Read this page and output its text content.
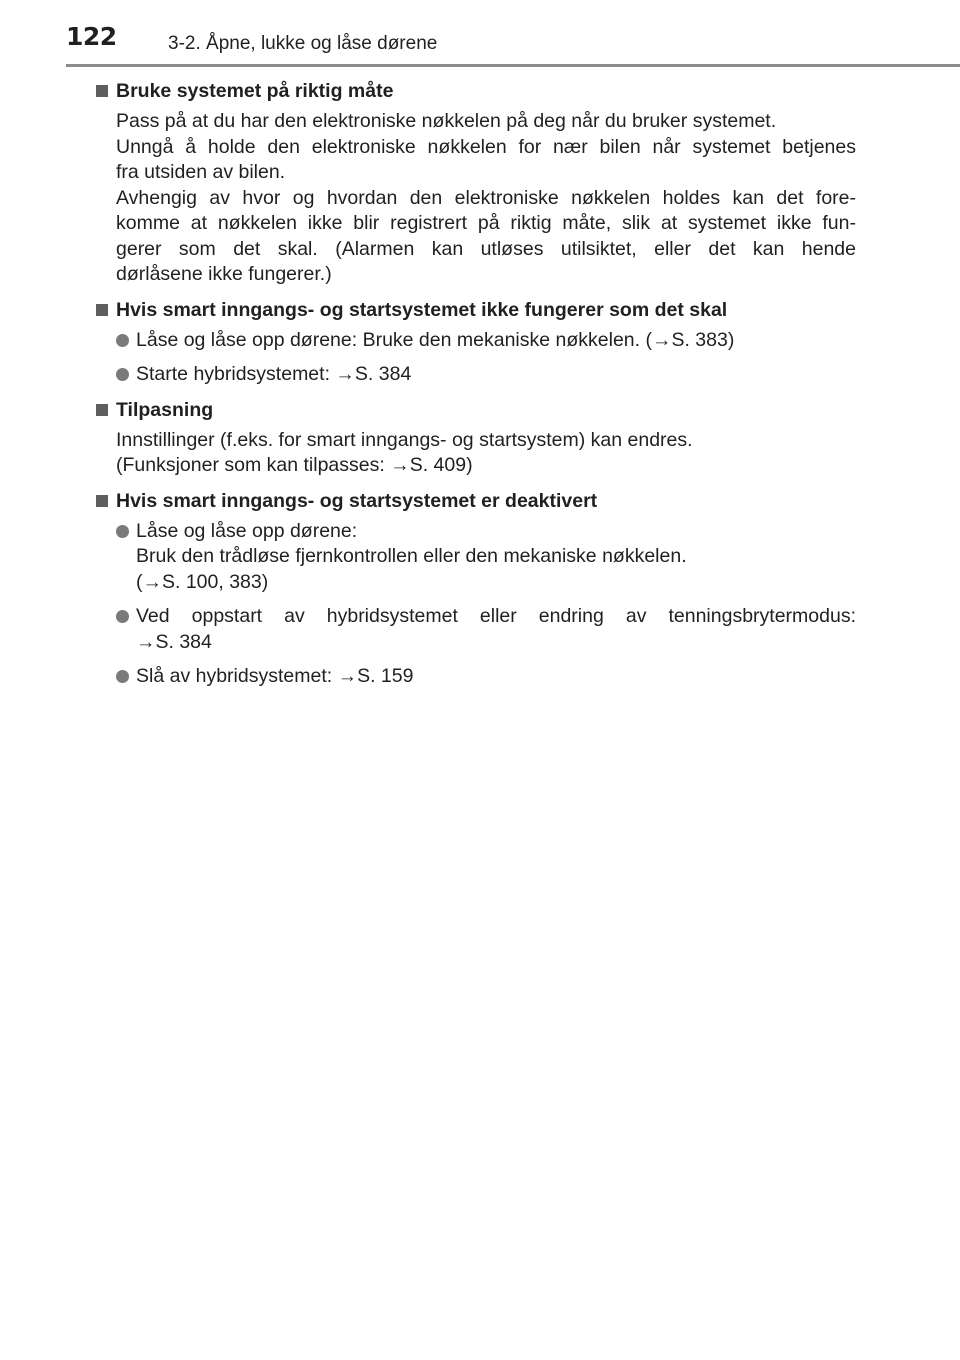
122	3-2. Åpne, lukke og låse dørene
Bruke systemet på riktig måte
Pass på at du har den elektroniske nøkkelen på deg når du bruker systemet.
Unngå å holde den elektroniske nøkkelen for nær bilen når systemet betjenes
fra utsiden av bilen.
Avhengig av hvor og hvordan den elektroniske nøkkelen holdes kan det fore-
komme at nøkkelen ikke blir registrert på riktig måte, slik at systemet ikke fun-
gerer som det skal. (Alarmen kan utløses utilsiktet, eller det kan hende
dørlåsene ikke fungerer.)
Hvis smart inngangs- og startsystemet ikke fungerer som det skal
Låse og låse opp dørene: Bruke den mekaniske nøkkelen. (→S. 383)
Starte hybridsystemet: →S. 384
Tilpasning
Innstillinger (f.eks. for smart inngangs- og startsystem) kan endres.
(Funksjoner som kan tilpasses: →S. 409)
Hvis smart inngangs- og startsystemet er deaktivert
Låse og låse opp dørene:
Bruk den trådløse fjernkontrollen eller den mekaniske nøkkelen.
(→S. 100, 383)
Ved oppstart av hybridsystemet eller endring av tenningsbrytermodus:
→S. 384
Slå av hybridsystemet: →S. 159
